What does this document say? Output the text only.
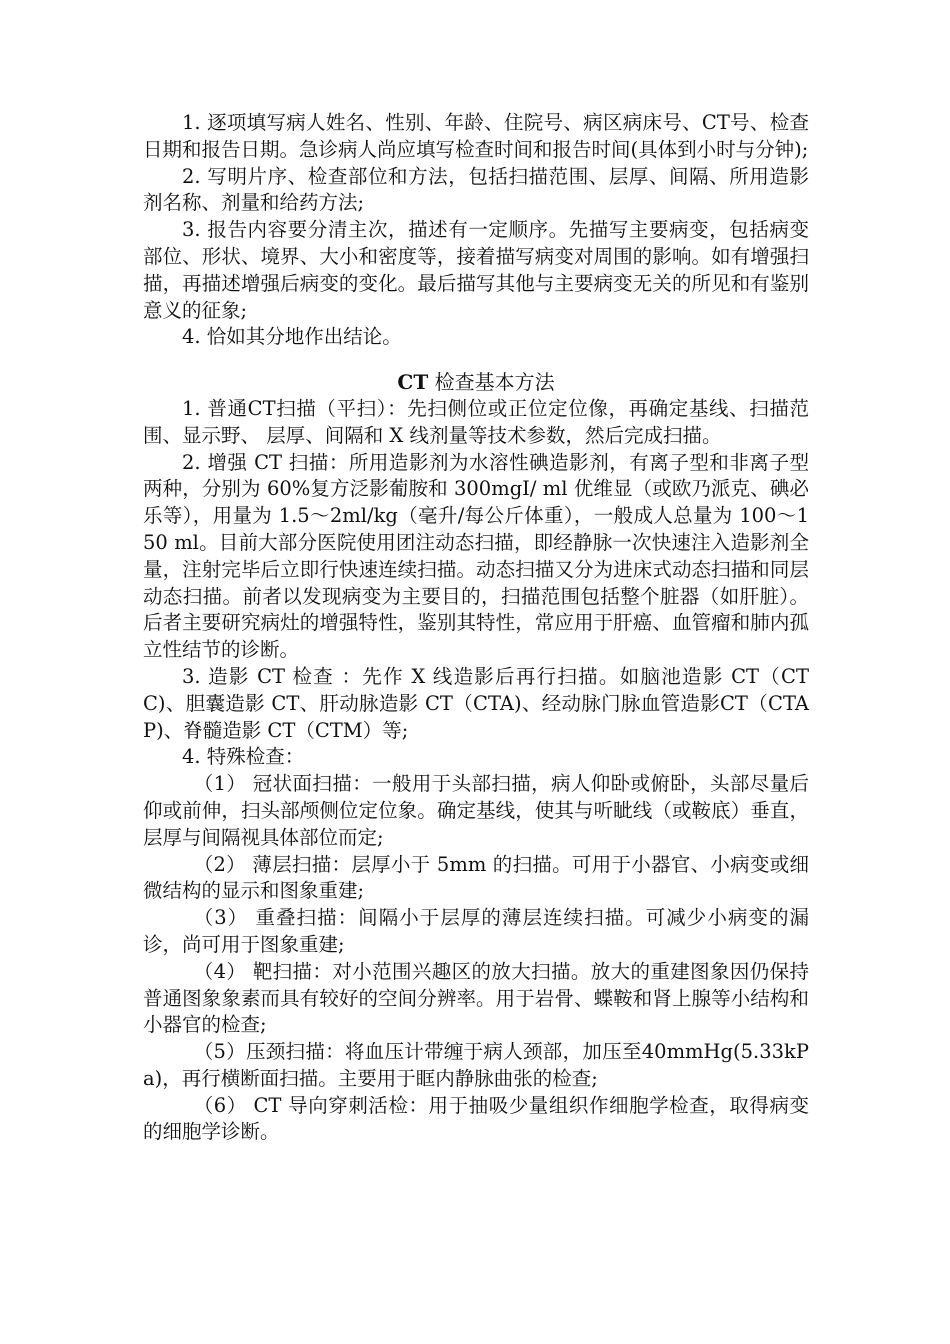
1. 逐项填写病人姓名、性别、年龄、住院号、病区病床号、CT号、检查日期和报告日期。急诊病人尚应填写检查时间和报告时间(具体到小时与分钟);

2. 写明片序、检查部位和方法，包括扫描范围、层厚、间隔、所用造影剂名称、剂量和给药方法;

3. 报告内容要分清主次，描述有一定顺序。先描写主要病变，包括病变部位、形状、境界、大小和密度等，接着描写病变对周围的影响。如有增强扫描，再描述增强后病变的变化。最后描写其他与主要病变无关的所见和有鉴别意义的征象;

4. 恰如其分地作出结论。

CT 检查基本方法

1. 普通CT扫描（平扫）：先扫侧位或正位定位像，再确定基线、扫描范围、显示野、 层厚、间隔和 X 线剂量等技术参数，然后完成扫描。

2. 增强 CT 扫描：所用造影剂为水溶性碘造影剂，有离子型和非离子型两种，分别为 60%复方泛影葡胺和 300mgI/ ml 优维显（或欧乃派克、碘必乐等），用量为 1.5～2ml/kg（毫升/每公斤体重），一般成人总量为 100～150 ml。目前大部分医院使用团注动态扫描，即经静脉一次快速注入造影剂全量，注射完毕后立即行快速连续扫描。动态扫描又分为进床式动态扫描和同层动态扫描。前者以发现病变为主要目的，扫描范围包括整个脏器（如肝脏）。后者主要研究病灶的增强特性，鉴别其特性，常应用于肝癌、血管瘤和肺内孤立性结节的诊断。

3. 造影 CT 检查 ：先作 X 线造影后再行扫描。如脑池造影 CT（CTC)、胆囊造影 CT、肝动脉造影 CT（CTA)、经动脉门脉血管造影CT（CTAP)、脊髓造影 CT（CTM）等;

4. 特殊检查：

（1） 冠状面扫描：一般用于头部扫描，病人仰卧或俯卧，头部尽量后仰或前伸，扫头部颅侧位定位象。确定基线，使其与听眦线（或鞍底）垂直，层厚与间隔视具体部位而定;

（2） 薄层扫描：层厚小于 5mm 的扫描。可用于小器官、小病变或细微结构的显示和图象重建;

（3） 重叠扫描：间隔小于层厚的薄层连续扫描。可减少小病变的漏诊，尚可用于图象重建;

（4） 靶扫描：对小范围兴趣区的放大扫描。放大的重建图象因仍保持普通图象象素而具有较好的空间分辨率。用于岩骨、蝶鞍和肾上腺等小结构和小器官的检查;

（5）压颈扫描：将血压计带缠于病人颈部，加压至40mmHg(5.33kPa)，再行横断面扫描。主要用于眶内静脉曲张的检查;

（6） CT 导向穿刺活检：用于抽吸少量组织作细胞学检查，取得病变的细胞学诊断。
